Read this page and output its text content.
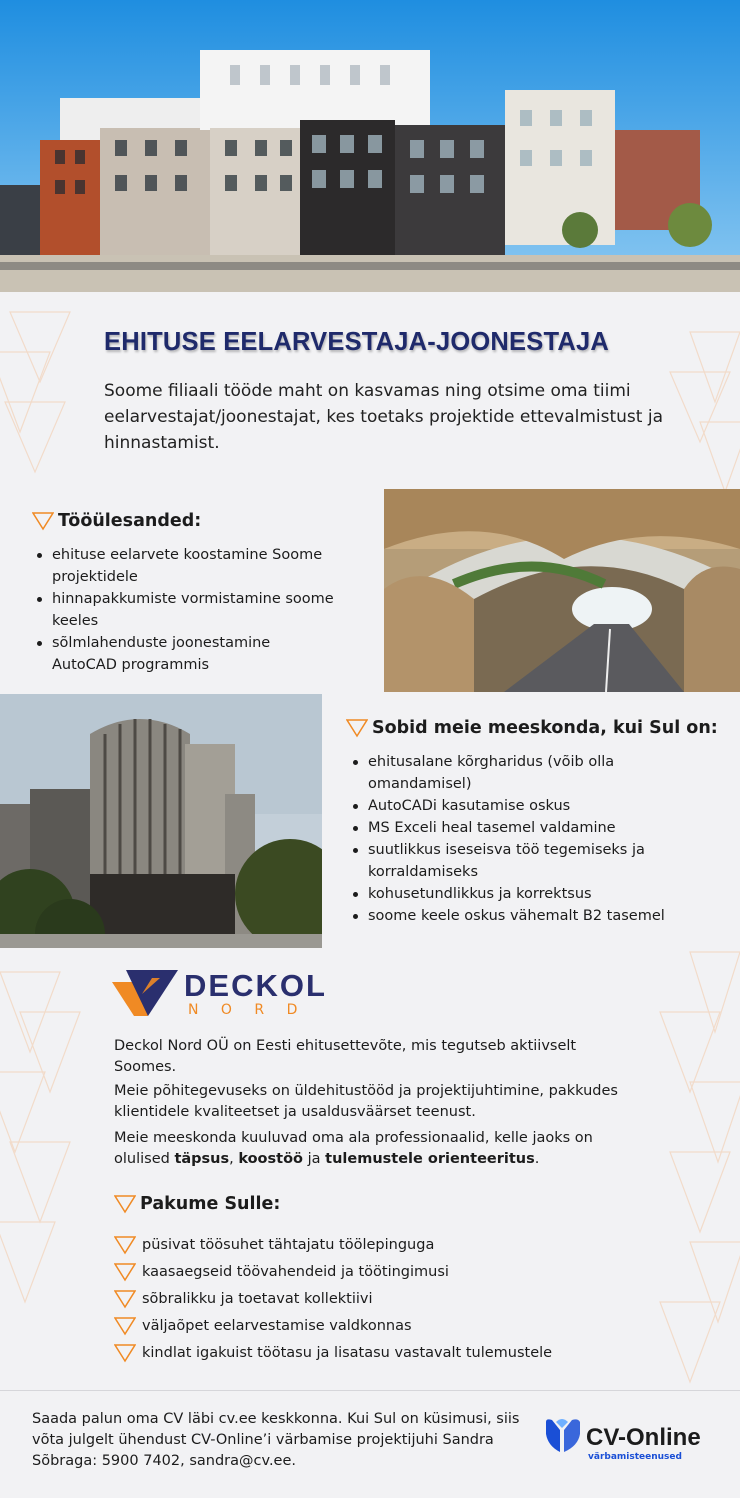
EHITUSE EELARVESTAJA-JOONESTAJA

Soome filiaali tööde maht on kasvamas ning otsime oma tiimi eelarvestajat/joonestajat, kes toetaks projektide ettevalmistust ja hinnastamist.

Tööülesanded:
ehituse eelarvete koostamine Soome projektidele
hinnapakkumiste vormistamine soome keeles
sõlmlahenduste joonestamine AutoCAD programmis
Sobid meie meeskonda, kui Sul on:
ehitusalane kõrgharidus (võib olla omandamisel)
AutoCADi kasutamise oskus
MS Exceli heal tasemel valdamine
suutlikkus iseseisva töö tegemiseks ja korraldamiseks
kohusetundlikkus ja korrektsus
soome keele oskus vähemalt B2 tasemel
DECKOL
N O R D

Deckol Nord OÜ on Eesti ehitusettevõte, mis tegutseb aktiivselt Soomes.

Meie põhitegevuseks on üldehitustööd ja projektijuhtimine, pakkudes klientidele kvaliteetset ja usaldusväärset teenust.

Meie meeskonda kuuluvad oma ala professionaalid, kelle jaoks on olulised täpsus, koostöö ja tulemustele orienteeritus.

Pakume Sulle:
püsivat töösuhet tähtajatu töölepinguga
kaasaegseid töövahendeid ja töötingimusi
sõbralikku ja toetavat kollektiivi
väljaõpet eelarvestamise valdkonnas
kindlat igakuist töötasu ja lisatasu vastavalt tulemustele

Saada palun oma CV läbi cv.ee keskkonna. Kui Sul on küsimusi, siis võta julgelt ühendust CV-Online’i värbamise projektijuhi Sandra Sõbraga: 5900 7402, sandra@cv.ee.

CV-Online
värbamisteenused
